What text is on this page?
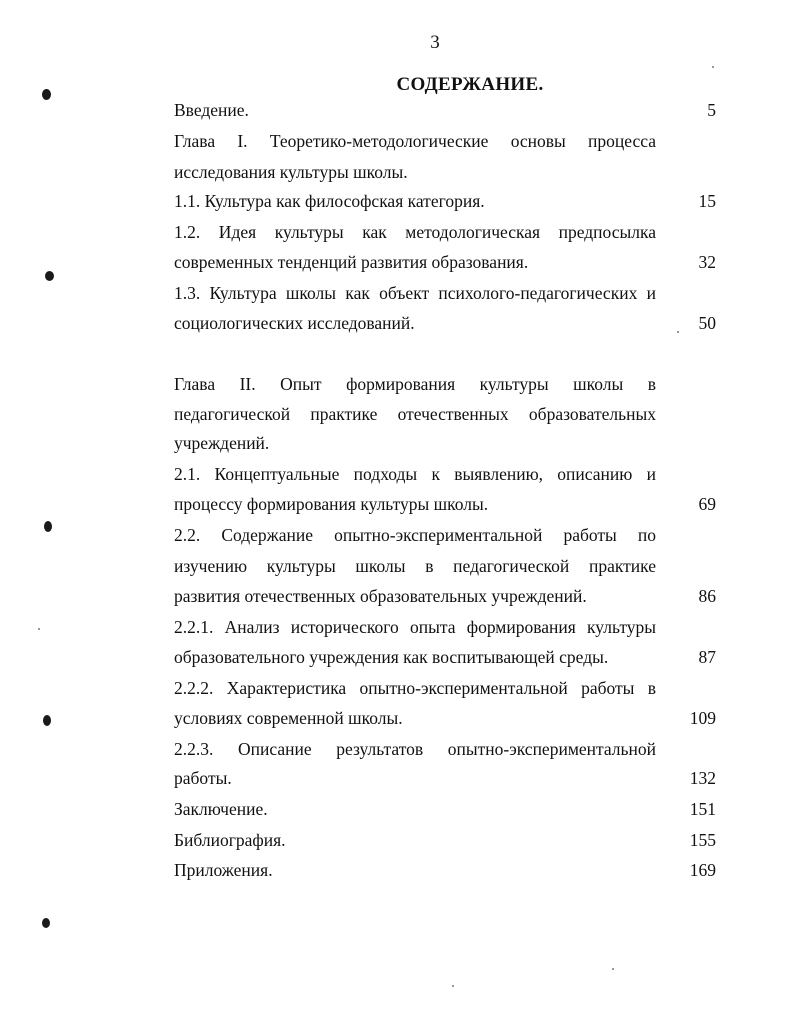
3
СОДЕРЖАНИЕ.
Введение.	5
Глава I. Теоретико-методологические основы процесса
исследования культуры школы.
1.1. Культура как философская категория.	15
1.2. Идея культуры как методологическая предпосылка
современных тенденций развития образования.	32
1.3. Культура школы как объект психолого-педагогических и
социологических исследований.	50
Глава II. Опыт формирования культуры школы в
педагогической практике отечественных образовательных
учреждений.
2.1. Концептуальные подходы к выявлению, описанию и
процессу формирования культуры школы.	69
2.2. Содержание опытно-экспериментальной работы по
изучению культуры школы в педагогической практике
развития отечественных образовательных учреждений.	86
2.2.1. Анализ исторического опыта формирования культуры
образовательного учреждения как воспитывающей среды.	87
2.2.2. Характеристика опытно-экспериментальной работы в
условиях современной школы.	109
2.2.3. Описание результатов опытно-экспериментальной
работы.	132
Заключение.	151
Библиография.	155
Приложения.	169
